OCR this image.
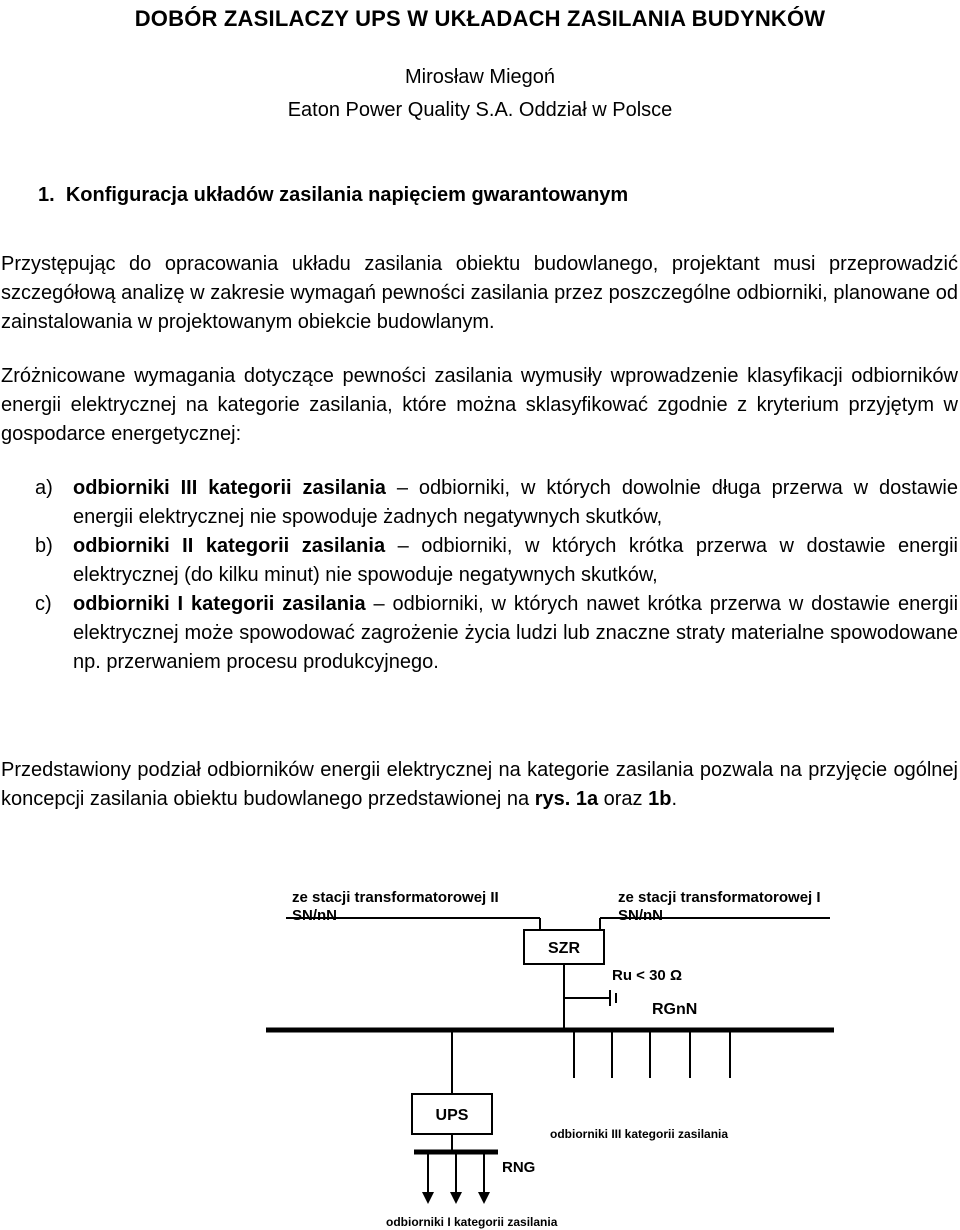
DOBÓR ZASILACZY UPS W UKŁADACH ZASILANIA BUDYNKÓW
Mirosław Miegoń
Eaton Power Quality S.A. Oddział w Polsce
1. Konfiguracja układów zasilania napięciem gwarantowanym
Przystępując do opracowania układu zasilania obiektu budowlanego, projektant musi przeprowadzić szczegółową analizę w zakresie wymagań pewności zasilania przez poszczególne odbiorniki, planowane od zainstalowania w projektowanym obiekcie budowlanym.
Zróżnicowane wymagania dotyczące pewności zasilania wymusiły wprowadzenie klasyfikacji odbiorników energii elektrycznej na kategorie zasilania, które można sklasyfikować zgodnie z kryterium przyjętym w gospodarce energetycznej:
a) odbiorniki III kategorii zasilania – odbiorniki, w których dowolnie długa przerwa w dostawie energii elektrycznej nie spowoduje żadnych negatywnych skutków,
b) odbiorniki II kategorii zasilania – odbiorniki, w których krótka przerwa w dostawie energii elektrycznej (do kilku minut) nie spowoduje negatywnych skutków,
c) odbiorniki I kategorii zasilania – odbiorniki, w których nawet krótka przerwa w dostawie energii elektrycznej może spowodować zagrożenie życia ludzi lub znaczne straty materialne spowodowane np. przerwaniem procesu produkcyjnego.
Przedstawiony podział odbiorników energii elektrycznej na kategorie zasilania pozwala na przyjęcie ogólnej koncepcji zasilania obiektu budowlanego przedstawionej na rys. 1a oraz 1b.
ze stacji transformatorowej II
SN/nN
ze stacji transformatorowej I
SN/nN
SZR
Ru < 30 Ω
RGnN
UPS
odbiorniki III kategorii zasilania
RNG
odbiorniki I kategorii zasilania
